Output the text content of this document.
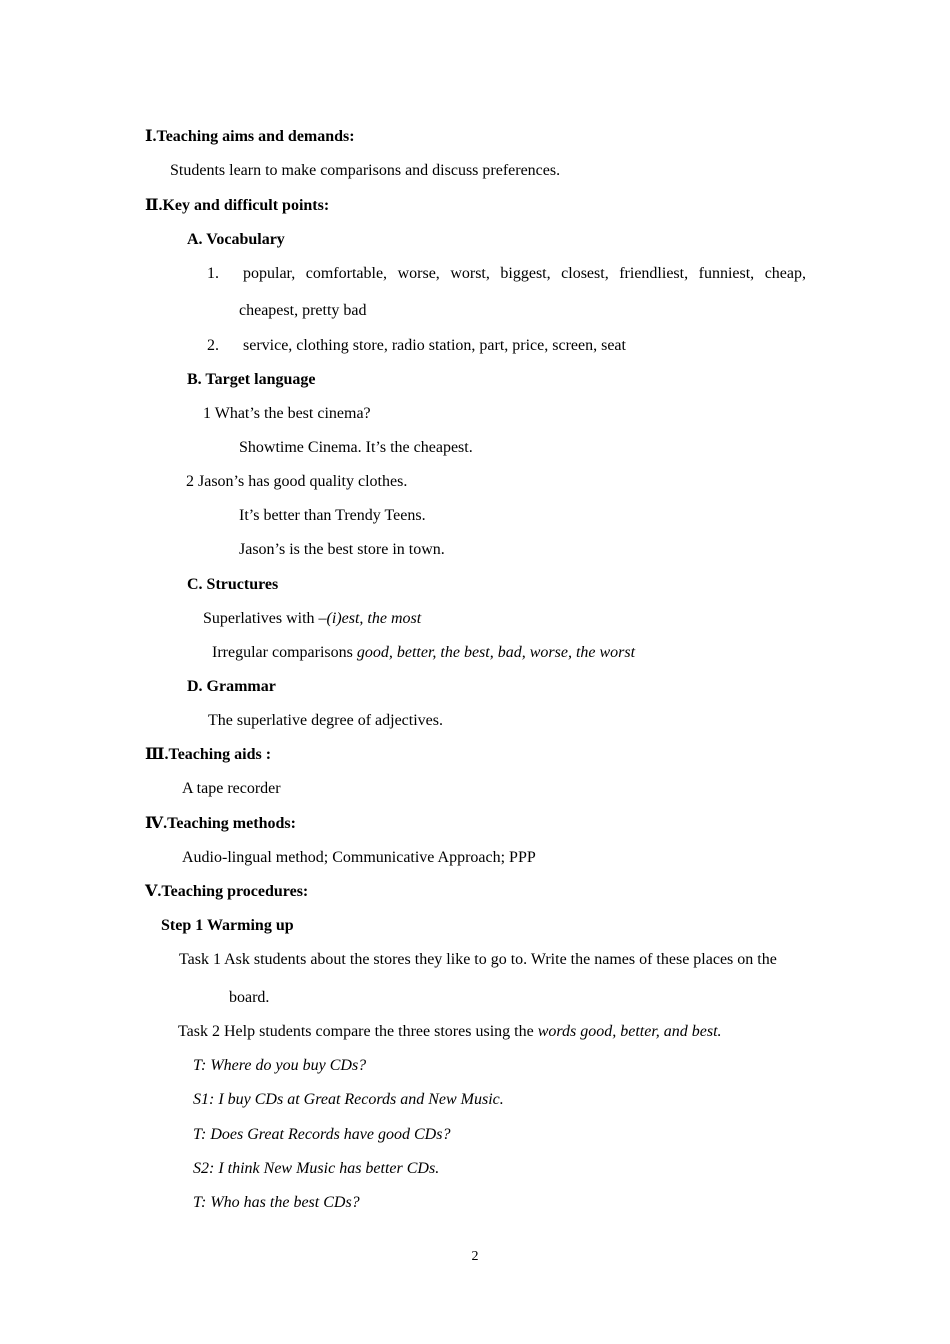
Ⅰ.Teaching aims and demands:
Students learn to make comparisons and discuss preferences.
Ⅱ.Key and difficult points:
A. Vocabulary
1. popular, comfortable, worse, worst, biggest, closest, friendliest, funniest, cheap,
cheapest, pretty bad
2. service, clothing store, radio station, part, price, screen, seat
B. Target language
1 What’s the best cinema?
Showtime Cinema. It’s the cheapest.
2 Jason’s has good quality clothes.
It’s better than Trendy Teens.
Jason’s is the best store in town.
C. Structures
Superlatives with –(i)est, the most
Irregular comparisons good, better, the best, bad, worse, the worst
D. Grammar
The superlative degree of adjectives.
Ⅲ.Teaching aids :
A tape recorder
Ⅳ.Teaching methods:
Audio-lingual method; Communicative Approach; PPP
Ⅴ.Teaching procedures:
Step 1 Warming up
Task 1 Ask students about the stores they like to go to. Write the names of these places on the
board.
Task 2 Help students compare the three stores using the words good, better, and best.
T: Where do you buy CDs?
S1: I buy CDs at Great Records and New Music.
T: Does Great Records have good CDs?
S2: I think New Music has better CDs.
T: Who has the best CDs?
2
